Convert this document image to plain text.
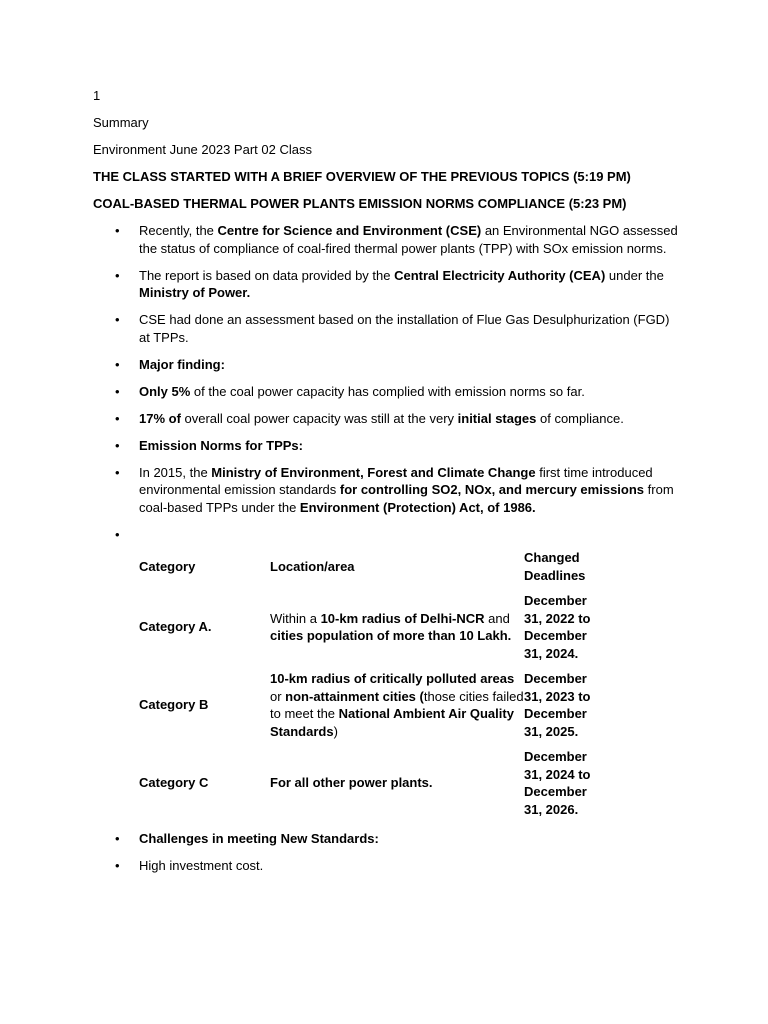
1

Summary

Environment June 2023 Part 02 Class

THE CLASS STARTED WITH A BRIEF OVERVIEW OF THE PREVIOUS TOPICS (5:19 PM)

COAL-BASED THERMAL POWER PLANTS EMISSION NORMS COMPLIANCE (5:23 PM)

• Recently, the Centre for Science and Environment (CSE) an Environmental NGO assessed the status of compliance of coal-fired thermal power plants (TPP) with SOx emission norms.
• The report is based on data provided by the Central Electricity Authority (CEA) under the
Ministry of Power.
• CSE had done an assessment based on the installation of Flue Gas Desulphurization (FGD) at TPPs.
• Major finding:
• Only 5% of the coal power capacity has complied with emission norms so far.
• 17% of overall coal power capacity was still at the very initial stages of compliance.
• Emission Norms for TPPs:
• In 2015, the Ministry of Environment, Forest and Climate Change first time introduced environmental emission standards for controlling SO2, NOx, and mercury emissions from coal-based TPPs under the Environment (Protection) Act, of 1986.
•

Category	Location/area	Changed Deadlines
Category A.	Within a 10-km radius of Delhi-NCR and cities population of more than 10 Lakh.	December 31, 2022 to December 31, 2024.
Category B	10-km radius of critically polluted areas or non-attainment cities (those cities failed to meet the National Ambient Air Quality Standards)	December 31, 2023 to December 31, 2025.
Category C	For all other power plants.	December 31, 2024 to December 31, 2026.
• Challenges in meeting New Standards:
• High investment cost.
